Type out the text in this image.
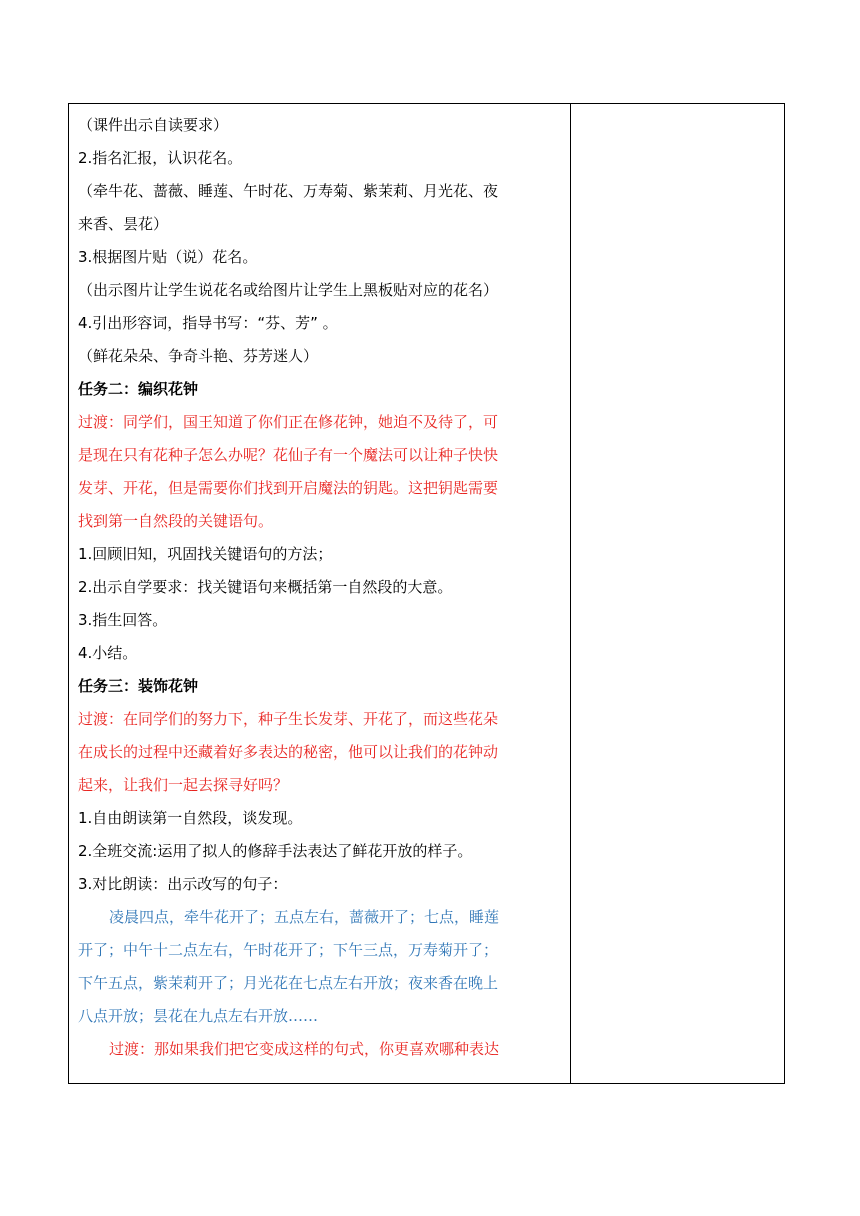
（课件出示自读要求）
2.指名汇报，认识花名。
（牵牛花、蔷薇、睡莲、午时花、万寿菊、紫茉莉、月光花、夜
来香、昙花）
3.根据图片贴（说）花名。
（出示图片让学生说花名或给图片让学生上黑板贴对应的花名）
4.引出形容词，指导书写：“芬、芳” 。
（鲜花朵朵、争奇斗艳、芬芳迷人）
任务二：编织花钟
过渡：同学们，国王知道了你们正在修花钟，她迫不及待了，可
是现在只有花种子怎么办呢？花仙子有一个魔法可以让种子快快
发芽、开花，但是需要你们找到开启魔法的钥匙。这把钥匙需要
找到第一自然段的关键语句。
1.回顾旧知，巩固找关键语句的方法；
2.出示自学要求：找关键语句来概括第一自然段的大意。
3.指生回答。
4.小结。
任务三：装饰花钟
过渡：在同学们的努力下，种子生长发芽、开花了，而这些花朵
在成长的过程中还藏着好多表达的秘密，他可以让我们的花钟动
起来，让我们一起去探寻好吗？
1.自由朗读第一自然段，谈发现。
2.全班交流:运用了拟人的修辞手法表达了鲜花开放的样子。
3.对比朗读：出示改写的句子：
凌晨四点，牵牛花开了；五点左右，蔷薇开了；七点，睡莲
开了；中午十二点左右，午时花开了；下午三点，万寿菊开了；
下午五点，紫茉莉开了；月光花在七点左右开放；夜来香在晚上
八点开放；昙花在九点左右开放……
过渡：那如果我们把它变成这样的句式，你更喜欢哪种表达
